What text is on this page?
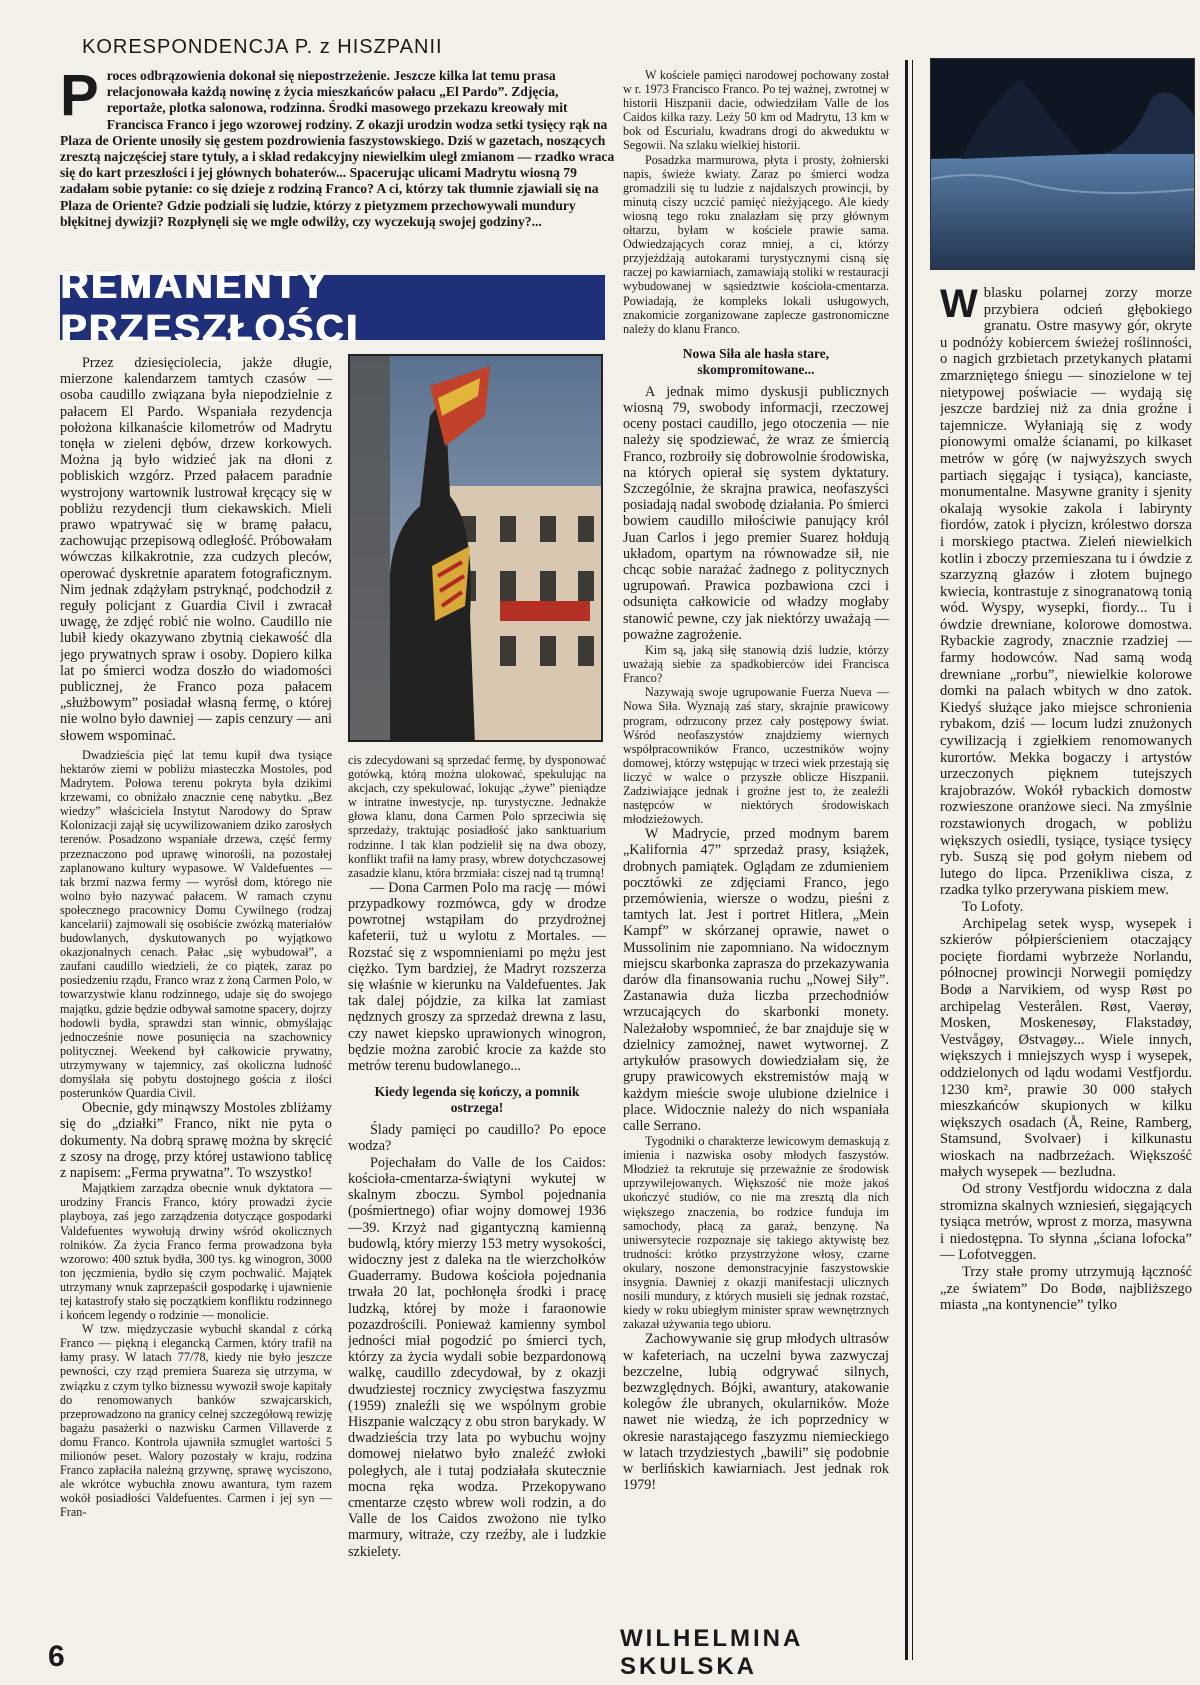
KORESPONDENCJA P. z HISZPANII
P roces odbrązowienia dokonał się niepostrzeżenie. Jeszcze kilka lat temu prasa relacjonowała każdą nowinę z życia mieszkańców pałacu „El Pardo”. Zdjęcia, reportaże, plotka salonowa, rodzinna. Środki masowego przekazu kreowały mit Francisca Franco i jego wzorowej rodziny. Z okazji urodzin wodza setki tysięcy rąk na Plaza de Oriente unosiły się gestem pozdrowienia faszystowskiego. Dziś w gazetach, noszących zresztą najczęściej stare tytuły, a i skład redakcyjny niewielkim uległ zmianom — rzadko wraca się do kart przeszłości i jej głównych bohaterów... Spacerując ulicami Madrytu wiosną 79 zadałam sobie pytanie: co się dzieje z rodziną Franco? A ci, którzy tak tłumnie zjawiali się na Plaza de Oriente? Gdzie podziali się ludzie, którzy z pietyzmem przechowywali mundury błękitnej dywizji? Rozpłynęli się we mgle odwilży, czy wyczekują swojej godziny?...
REMANENTY PRZESZŁOŚCI

Przez dziesięciolecia, jakże długie, mierzone kalendarzem tamtych czasów — osoba caudillo związana była niepodzielnie z pałacem El Pardo. Wspaniała rezydencja położona kilkanaście kilometrów od Madrytu tonęła w zieleni dębów, drzew korkowych. Można ją było widzieć jak na dłoni z pobliskich wzgórz. Przed pałacem paradnie wystrojony wartownik lustrował kręcący się w pobliżu rezydencji tłum ciekawskich. Mieli prawo wpatrywać się w bramę pałacu, zachowując przepisową odległość. Próbowałam wówczas kilkakrotnie, zza cudzych pleców, operować dyskretnie aparatem fotograficznym. Nim jednak zdążyłam pstryknąć, podchodził z reguły policjant z Guardia Civil i zwracał uwagę, że zdjęć robić nie wolno. Caudillo nie lubił kiedy okazywano zbytnią ciekawość dla jego prywatnych spraw i osoby. Dopiero kilka lat po śmierci wodza doszło do wiadomości publicznej, że Franco poza pałacem „służbowym” posiadał własną fermę, o której nie wolno było dawniej — zapis cenzury — ani słowem wspominać.

Dwadzieścia pięć lat temu kupił dwa tysiące hektarów ziemi w pobliżu miasteczka Mostoles, pod Madrytem. Połowa terenu pokryta była dzikimi krzewami, co obniżało znacznie cenę nabytku. „Bez wiedzy” właściciela Instytut Narodowy do Spraw Kolonizacji zajął się ucywilizowaniem dziko zarosłych terenów. Posadzono wspaniałe drzewa, część fermy przeznaczono pod uprawę winorośli, na pozostałej zaplanowano kultury wypasowe. W Valdefuentes — tak brzmi nazwa fermy — wyrósł dom, którego nie wolno było nazywać pałacem. W ramach czynu społecznego pracownicy Domu Cywilnego (rodzaj kancelarii) zajmowali się osobiście zwózką materiałów budowlanych, dyskutowanych po wyjątkowo okazjonalnych cenach. Pałac „się wybudował”, a zaufani caudillo wiedzieli, że co piątek, zaraz po posiedzeniu rządu, Franco wraz z żoną Carmen Polo, w towarzystwie klanu rodzinnego, udaje się do swojego majątku, gdzie będzie odbywał samotne spacery, dojrzy hodowli bydła, sprawdzi stan winnic, obmyślając jednocześnie nowe posunięcia na szachownicy politycznej. Weekend był całkowicie prywatny, utrzymywany w tajemnicy, zaś okoliczna ludność domyślała się pobytu dostojnego gościa z ilości posterunków Quardia Civil.

Obecnie, gdy minąwszy Mostoles zbliżamy się do „działki” Franco, nikt nie pyta o dokumenty. Na dobrą sprawę można by skręcić z szosy na drogę, przy której ustawiono tablicę z napisem: „Ferma prywatna”. To wszystko!

Majątkiem zarządza obecnie wnuk dyktatora — urodziny Francis Franco, który prowadzi życie playboya, zaś jego zarządzenia dotyczące gospodarki Valdefuentes wywołują drwiny wśród okolicznych rolników. Za życia Franco ferma prowadzona była wzorowo: 400 sztuk bydła, 300 tys. kg winogron, 3000 ton jęczmienia, bydło się czym pochwalić. Majątek utrzymany wnuk zaprzepaścił gospodarkę i ujawnienie tej katastrofy stało się początkiem konfliktu rodzinnego i końcem legendy o rodzinie — monolicie.

W tzw. międzyczasie wybuchł skandal z córką Franco — piękną i elegancką Carmen, który trafił na łamy prasy. W latach 77/78, kiedy nie było jeszcze pewności, czy rząd premiera Suareza się utrzyma, w związku z czym tylko biznessu wywoził swoje kapitały do renomowanych banków szwajcarskich, przeprowadzono na granicy celnej szczegółową rewizję bagażu pasażerki o nazwisku Carmen Villaverde z domu Franco. Kontrola ujawniła szmuglet wartości 5 milionów peset. Walory pozostały w kraju, rodzina Franco zapłaciła należną grzywnę, sprawę wyciszono, ale wkrótce wybuchła znowu awantura, tym razem wokół posiadłości Valdefuentes. Carmen i jej syn — Fran-

cis zdecydowani są sprzedać fermę, by dysponować gotówką, którą można ulokować, spekulując na akcjach, czy spekulować, lokując „żywe” pieniądze w intratne inwestycje, np. turystyczne. Jednakże głowa klanu, dona Carmen Polo sprzeciwia się sprzedaży, traktując posiadłość jako sanktuarium rodzinne. I tak klan podzielił się na dwa obozy, konflikt trafił na łamy prasy, wbrew dotychczasowej zasadzie klanu, która brzmiała: ciszej nad tą trumną!

— Dona Carmen Polo ma rację — mówi przypadkowy rozmówca, gdy w drodze powrotnej wstąpiłam do przydrożnej kafeterii, tuż u wylotu z Mortales. — Rozstać się z wspomnieniami po mężu jest ciężko. Tym bardziej, że Madryt rozszerza się właśnie w kierunku na Valdefuentes. Jak tak dalej pójdzie, za kilka lat zamiast nędznych groszy za sprzedaż drewna z lasu, czy nawet kiepsko uprawionych winogron, będzie można zarobić krocie za każde sto metrów terenu budowlanego...

Kiedy legenda się kończy, a pomnik ostrzega!

Ślady pamięci po caudillo? Po epoce wodza?

Pojechałam do Valle de los Caidos: kościoła-cmentarza-świątyni wykutej w skalnym zboczu. Symbol pojednania (pośmiertnego) ofiar wojny domowej 1936—39. Krzyż nad gigantyczną kamienną budowlą, który mierzy 153 metry wysokości, widoczny jest z daleka na tle wierzchołków Guaderramy. Budowa kościoła pojednania trwała 20 lat, pochłonęła środki i pracę ludzką, której by może i faraonowie pozazdrościli. Ponieważ kamienny symbol jedności miał pogodzić po śmierci tych, którzy za życia wydali sobie bezpardonową walkę, caudillo zdecydował, by z okazji dwudziestej rocznicy zwycięstwa faszyzmu (1959) znaleźli się we wspólnym grobie Hiszpanie walczący z obu stron barykady. W dwadzieścia trzy lata po wybuchu wojny domowej niełatwo było znaleźć zwłoki poległych, ale i tutaj podziałała skutecznie mocna ręka wodza. Przekopywano cmentarze często wbrew woli rodzin, a do Valle de los Caidos zwożono nie tylko marmury, witraże, czy rzeźby, ale i ludzkie szkielety.

W kościele pamięci narodowej pochowany został w r. 1973 Francisco Franco. Po tej ważnej, zwrotnej w historii Hiszpanii dacie, odwiedziłam Valle de los Caidos kilka razy. Leży 50 km od Madrytu, 13 km w bok od Escurialu, kwadrans drogi do akweduktu w Segowii. Na szlaku wielkiej historii.

Posadzka marmurowa, płyta i prosty, żołnierski napis, świeże kwiaty. Zaraz po śmierci wodza gromadzili się tu ludzie z najdalszych prowincji, by minutą ciszy uczcić pamięć nieżyjącego. Ale kiedy wiosną tego roku znalazłam się przy głównym ołtarzu, byłam w kościele prawie sama. Odwiedzających coraz mniej, a ci, którzy przyjeżdżają autokarami turystycznymi cisną się raczej po kawiarniach, zamawiają stoliki w restauracji wybudowanej w sąsiedztwie kościoła-cmentarza. Powiadają, że kompleks lokali usługowych, znakomicie zorganizowane zaplecze gastronomiczne należy do klanu Franco.

Nowa Siła ale hasła stare, skompromitowane...

A jednak mimo dyskusji publicznych wiosną 79, swobody informacji, rzeczowej oceny postaci caudillo, jego otoczenia — nie należy się spodziewać, że wraz ze śmiercią Franco, rozbroiły się dobrowolnie środowiska, na których opierał się system dyktatury. Szczególnie, że skrajna prawica, neofaszyści posiadają nadal swobodę działania. Po śmierci bowiem caudillo miłościwie panujący król Juan Carlos i jego premier Suarez hołdują układom, opartym na równowadze sił, nie chcąc sobie narażać żadnego z politycznych ugrupowań. Prawica pozbawiona czci i odsunięta całkowicie od władzy mogłaby stanowić pewne, czy jak niektórzy uważają — poważne zagrożenie.

Kim są, jaką siłę stanowią dziś ludzie, którzy uważają siebie za spadkobierców idei Francisca Franco?

Nazywają swoje ugrupowanie Fuerza Nueva — Nowa Siła. Wyznają zaś stary, skrajnie prawicowy program, odrzucony przez cały postępowy świat. Wśród neofaszystów znajdziemy wiernych współpracowników Franco, uczestników wojny domowej, którzy wstępując w trzeci wiek przestają się liczyć w walce o przyszłe oblicze Hiszpanii. Zadziwiające jednak i groźne jest to, że zealeźli następców w niektórych środowiskach młodzieżowych.

W Madrycie, przed modnym barem „Kalifornia 47” sprzedaż prasy, książek, drobnych pamiątek. Oglądam ze zdumieniem pocztówki ze zdjęciami Franco, jego przemówienia, wiersze o wodzu, pieśni z tamtych lat. Jest i portret Hitlera, „Mein Kampf” w skórzanej oprawie, nawet o Mussolinim nie zapomniano. Na widocznym miejscu skarbonka zaprasza do przekazywania darów dla finansowania ruchu „Nowej Siły”. Zastanawia duża liczba przechodniów wrzucających do skarbonki monety. Należałoby wspomnieć, że bar znajduje się w dzielnicy zamożnej, nawet wytwornej. Z artykułów prasowych dowiedziałam się, że grupy prawicowych ekstremistów mają w każdym mieście swoje ulubione dzielnice i place. Widocznie należy do nich wspaniała calle Serrano.

Tygodniki o charakterze lewicowym demaskują z imienia i nazwiska osoby młodych faszystów. Młodzież ta rekrutuje się przeważnie ze środowisk uprzywilejowanych. Większość nie może jakoś ukończyć studiów, co nie ma zresztą dla nich większego znaczenia, bo rodzice funduja im samochody, płacą za garaż, benzynę. Na uniwersytecie rozpoznaje się takiego aktywistę bez trudności: krótko przystrzyżone włosy, czarne okulary, noszone demonstracyjnie faszystowskie insygnia. Dawniej z okazji manifestacji ulicznych nosili mundury, z których musieli się jednak rozstać, kiedy w roku ubiegłym minister spraw wewnętrznych zakazał używania tego ubioru.

Zachowywanie się grup młodych ultrasów w kafeteriach, na uczelni bywa zazwyczaj bezczelne, lubią odgrywać silnych, bezwzględnych. Bójki, awantury, atakowanie kolegów źle ubranych, okularników. Może nawet nie wiedzą, że ich poprzednicy w okresie narastającego faszyzmu niemieckiego w latach trzydziestych „bawili” się podobnie w berlińskich kawiarniach. Jest jednak rok 1979!

W blasku polarnej zorzy morze przybiera odcień głębokiego granatu. Ostre masywy gór, okryte u podnóży kobiercem świeżej roślinności, o nagich grzbietach przetykanych płatami zmarzniętego śniegu — sinozielone w tej nietypowej poświacie — wydają się jeszcze bardziej niż za dnia groźne i tajemnicze. Wyłaniają się z wody pionowymi omalże ścianami, po kilkaset metrów w górę (w najwyższych swych partiach sięgając i tysiąca), kanciaste, monumentalne. Masywne granity i sjenity okalają wysokie zakola i labirynty fiordów, zatok i płycizn, królestwo dorsza i morskiego ptactwa. Zieleń niewielkich kotlin i zboczy przemieszana tu i ówdzie z szarzyzną głazów i złotem bujnego kwiecia, kontrastuje z sinogranatową tonią wód. Wyspy, wysepki, fiordy... Tu i ówdzie drewniane, kolorowe domostwa. Rybackie zagrody, znacznie rzadziej — farmy hodowców. Nad samą wodą drewniane „rorbu”, niewielkie kolorowe domki na palach wbitych w dno zatok. Kiedyś służące jako miejsce schronienia rybakom, dziś — locum ludzi znużonych cywilizacją i zgiełkiem renomowanych kurortów. Mekka bogaczy i artystów urzeczonych pięknem tutejszych krajobrazów. Wokół rybackich domostw rozwieszone oranżowe sieci. Na zmyślnie rozstawionych drogach, w pobliżu większych osiedli, tysiące, tysiące tysięcy ryb. Suszą się pod gołym niebem od lutego do lipca. Przenikliwa cisza, z rzadka tylko przerywana piskiem mew.

To Lofoty.

Archipelag setek wysp, wysepek i szkierów półpierścieniem otaczający pocięte fiordami wybrzeże Norlandu, północnej prowincji Norwegii pomiędzy Bodø a Narvikiem, od wysp Røst po archipelag Vesterålen. Røst, Vaerøy, Mosken, Moskenesøy, Flakstadøy, Vestvågøy, Østvagøy... Wiele innych, większych i mniejszych wysp i wysepek, oddzielonych od lądu wodami Vestfjordu. 1230 km², prawie 30 000 stałych mieszkańców skupionych w kilku większych osadach (Å, Reine, Ramberg, Stamsund, Svolvaer) i kilkunastu wioskach na nadbrzeżach. Większość małych wysepek — bezludna.

Od strony Vestfjordu widoczna z dala stromizna skalnych wzniesień, sięgających tysiąca metrów, wprost z morza, masywna i niedostępna. To słynna „ściana lofocka” — Lofotveggen.

Trzy stałe promy utrzymują łączność „ze światem” Do Bodø, najbliższego miasta „na kontynencie” tylko

WILHELMINA SKULSKA
6
